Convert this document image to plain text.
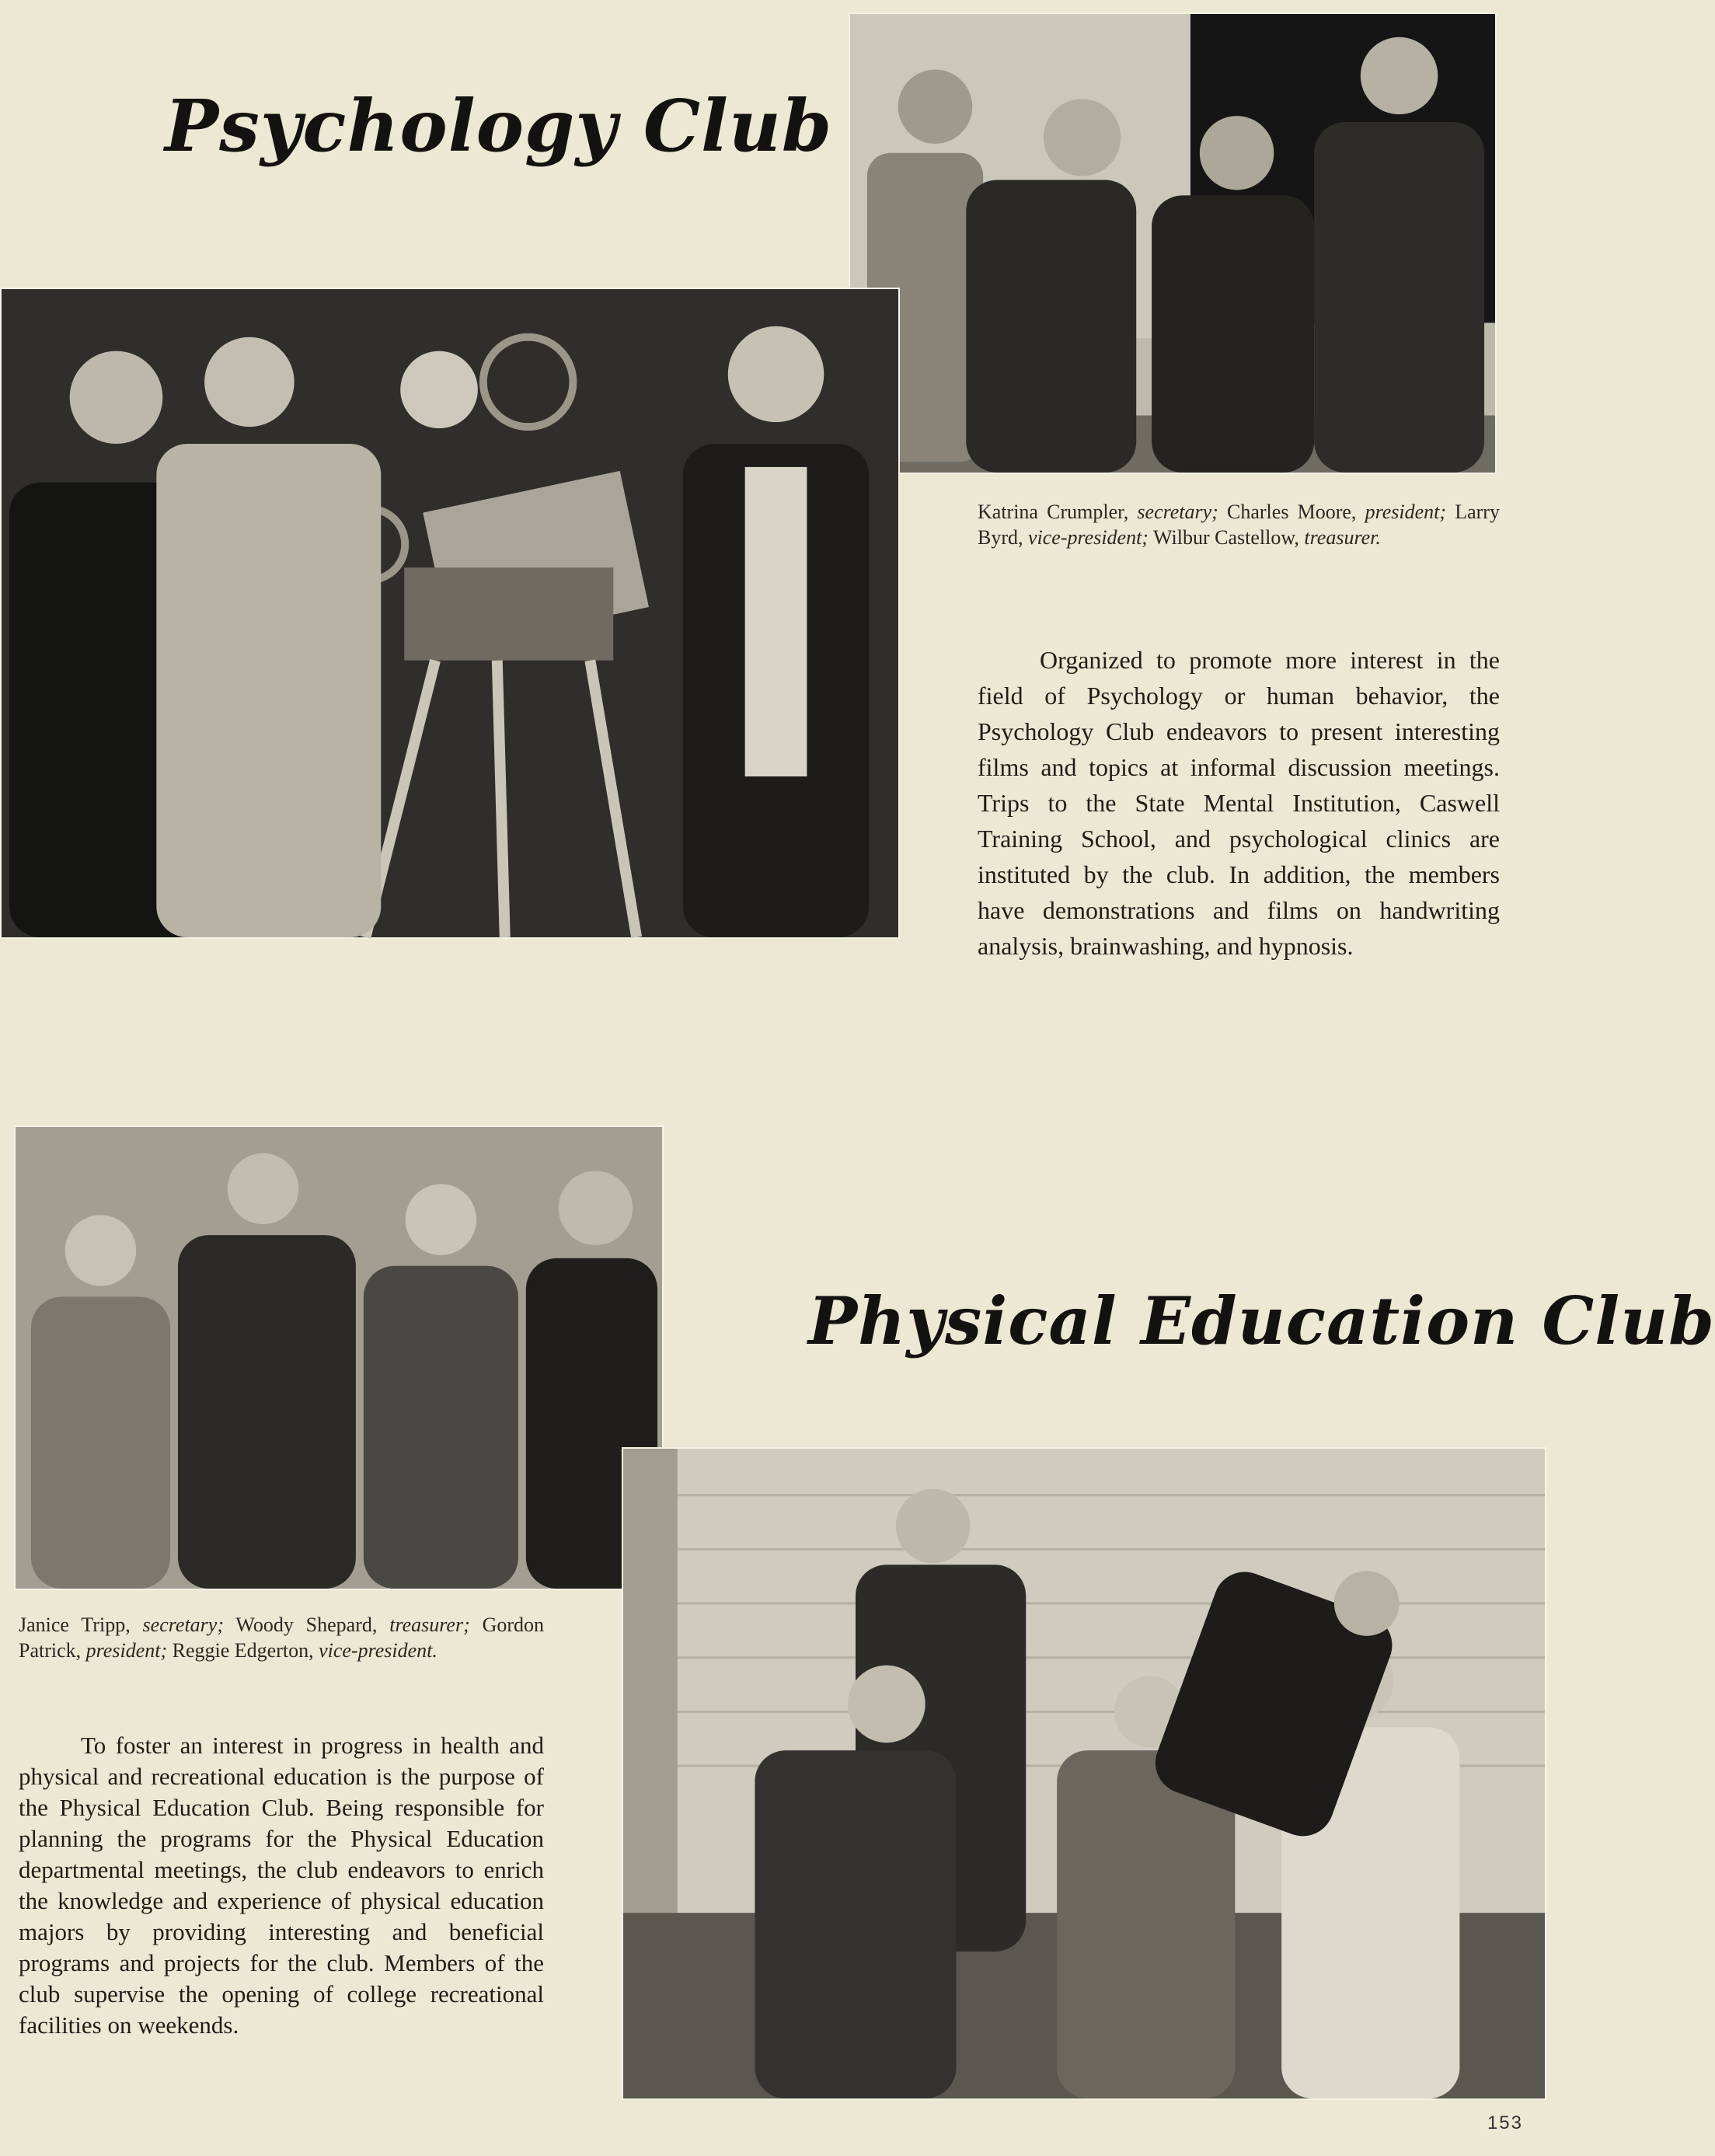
Psychology Club

Katrina Crumpler, secretary; Charles Moore, president; Larry Byrd, vice-president; Wilbur Castellow, treasurer.

Organized to promote more interest in the field of Psychology or human behavior, the Psychology Club endeavors to present interesting films and topics at informal discussion meetings. Trips to the State Mental Institution, Caswell Training School, and psychological clinics are instituted by the club. In addition, the members have demonstrations and films on handwriting analysis, brainwashing, and hypnosis.

Physical Education Club

Janice Tripp, secretary; Woody Shepard, treasurer; Gordon Patrick, president; Reggie Edgerton, vice-president.

To foster an interest in progress in health and physical and recreational education is the purpose of the Physical Education Club. Being responsible for planning the programs for the Physical Education departmental meetings, the club endeavors to enrich the knowledge and experience of physical education majors by providing interesting and beneficial programs and projects for the club. Members of the club supervise the opening of college recreational facilities on weekends.

153
